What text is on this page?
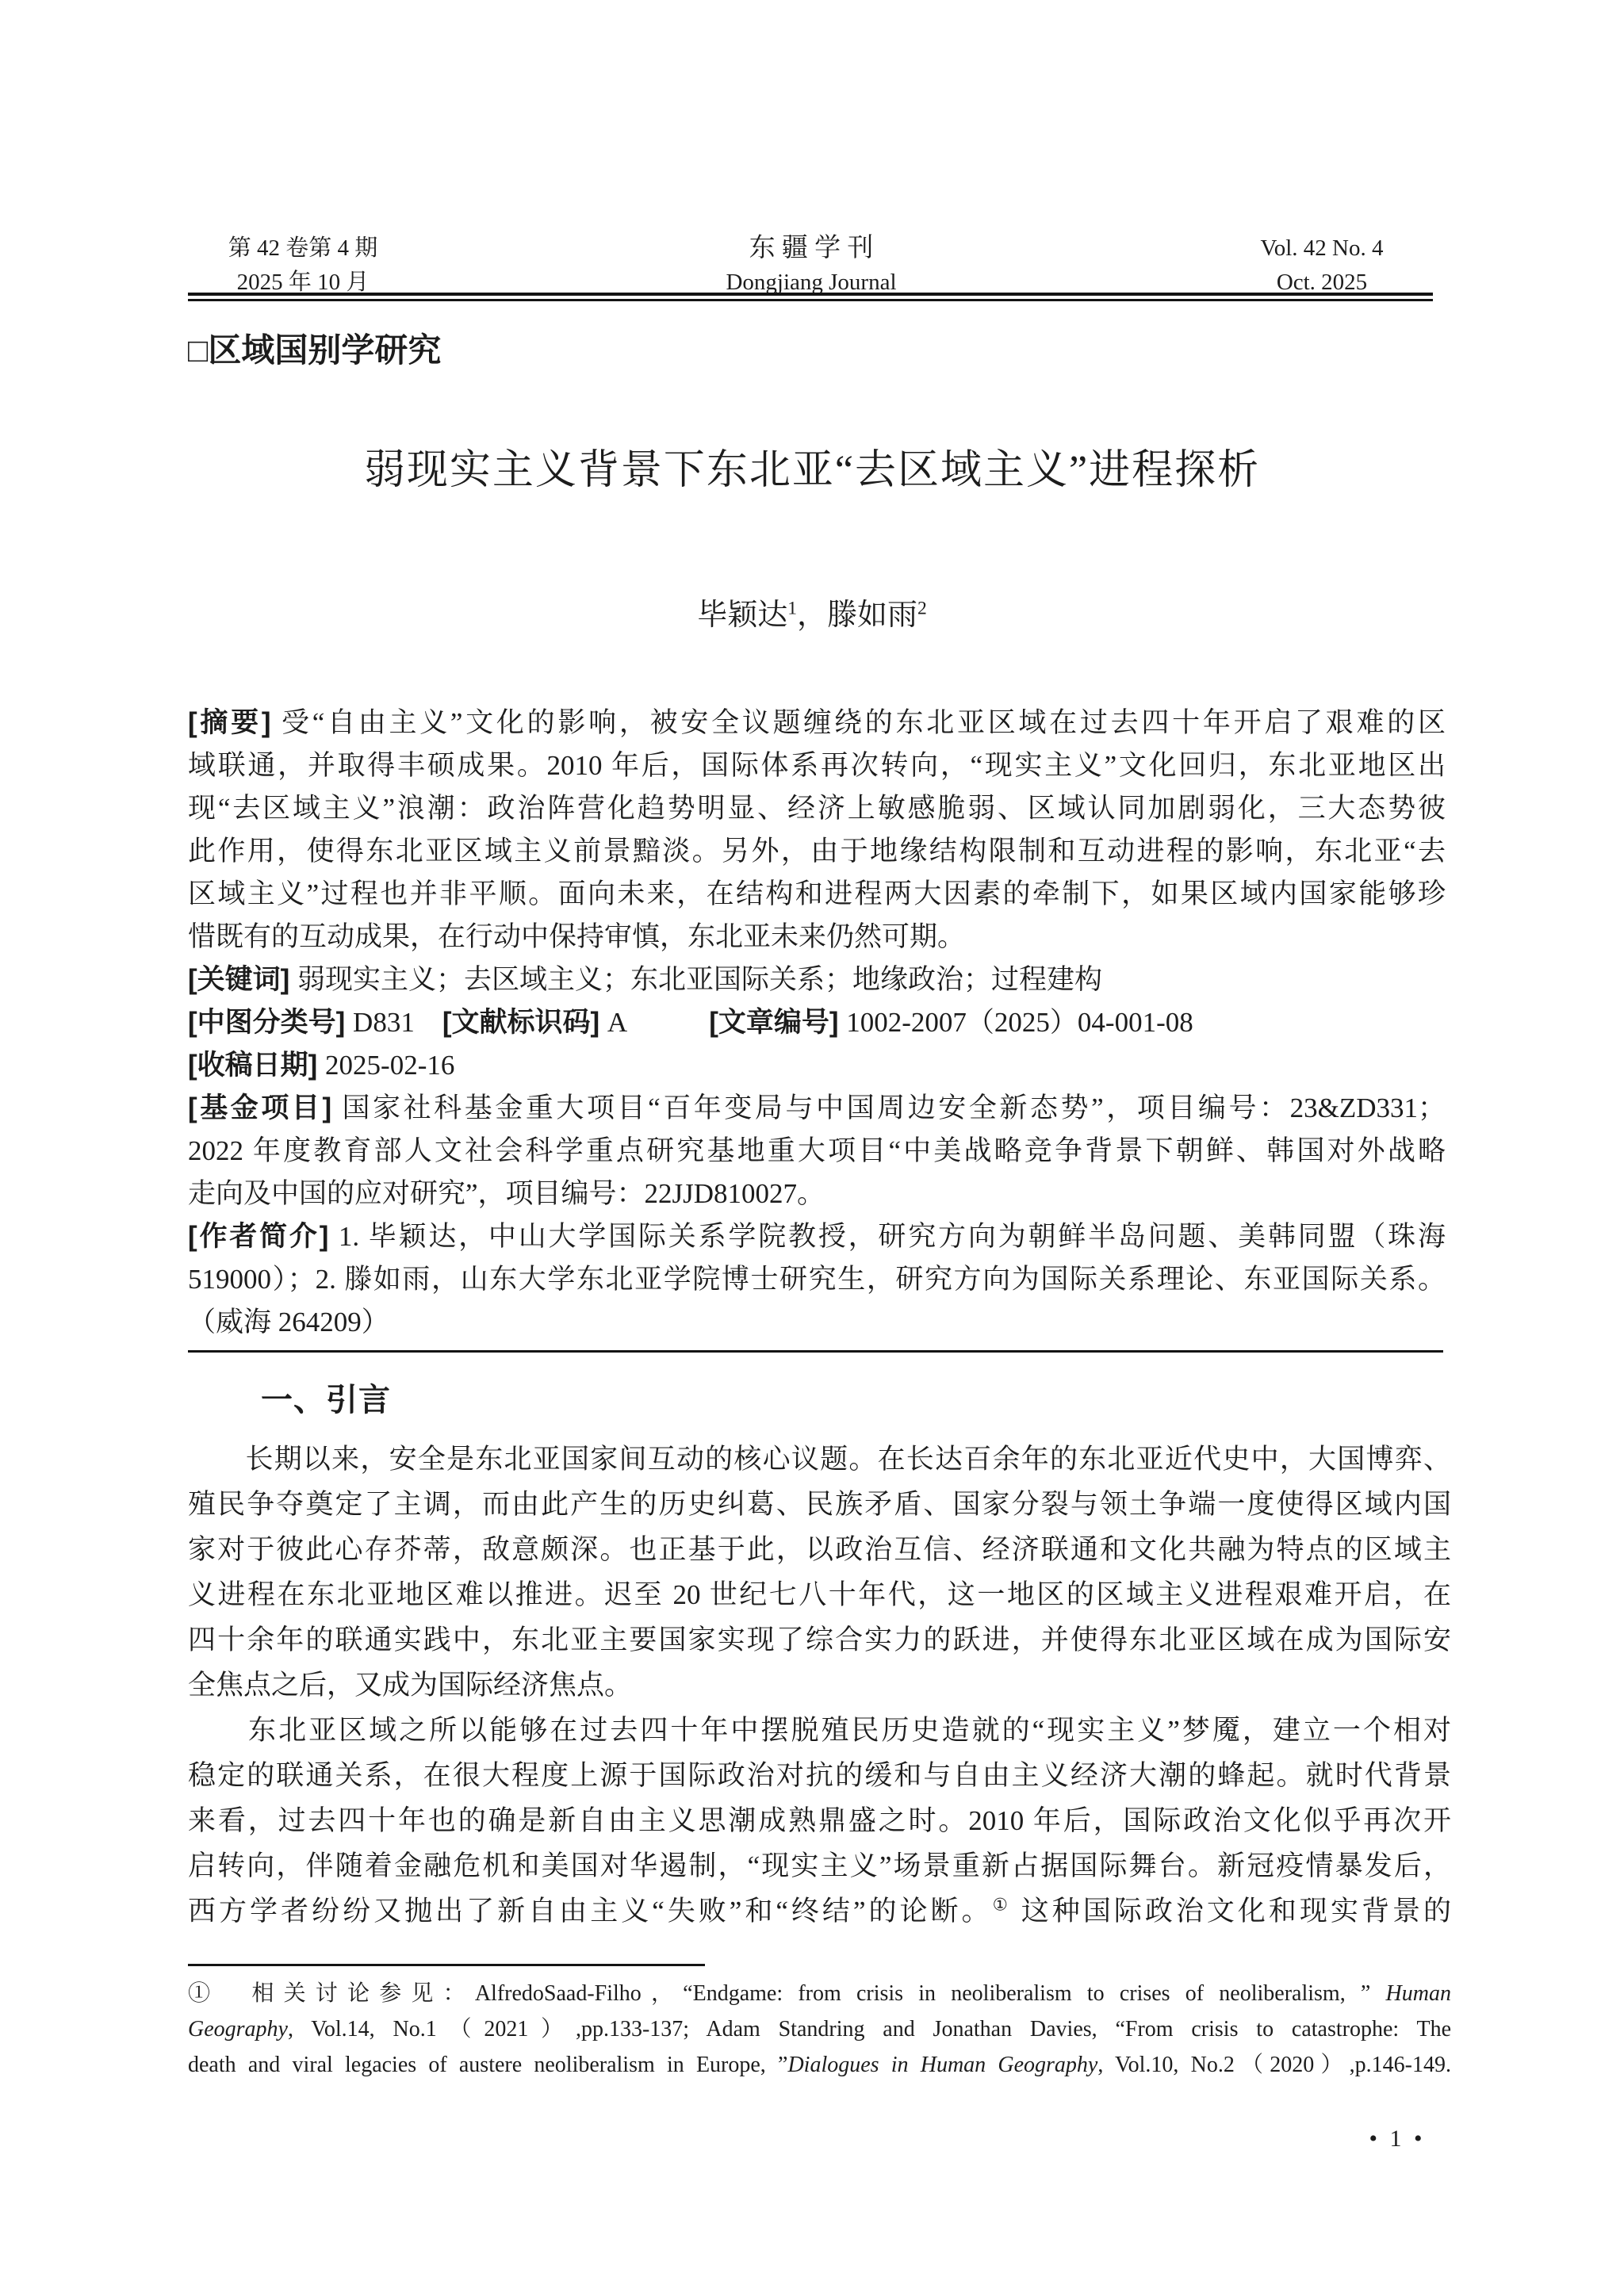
第 42 卷第 4 期
2025 年 10 月
东 疆 学 刊
Dongjiang Journal
Vol. 42 No. 4
Oct. 2025
□区域国别学研究
弱现实主义背景下东北亚“去区域主义”进程探析
毕颖达$^1$，滕如雨$^2$
[摘要] 受“自由主义”文化的影响，被安全议题缠绕的东北亚区域在过去四十年开启了艰难的区
域联通，并取得丰硕成果。2010 年后，国际体系再次转向，“现实主义”文化回归，东北亚地区出
现“去区域主义”浪潮：政治阵营化趋势明显、经济上敏感脆弱、区域认同加剧弱化，三大态势彼
此作用，使得东北亚区域主义前景黯淡。另外，由于地缘结构限制和互动进程的影响，东北亚“去
区域主义”过程也并非平顺。面向未来，在结构和进程两大因素的牵制下，如果区域内国家能够珍
惜既有的互动成果，在行动中保持审慎，东北亚未来仍然可期。
[关键词] 弱现实主义；去区域主义；东北亚国际关系；地缘政治；过程建构
[中图分类号] D831　[文献标识码] A　　　[文章编号] 1002-2007（2025）04-001-08
[收稿日期] 2025-02-16
[基金项目] 国家社科基金重大项目“百年变局与中国周边安全新态势”，项目编号：23&ZD331；
2022 年度教育部人文社会科学重点研究基地重大项目“中美战略竞争背景下朝鲜、韩国对外战略
走向及中国的应对研究”，项目编号：22JJD810027。
[作者简介] 1. 毕颖达，中山大学国际关系学院教授，研究方向为朝鲜半岛问题、美韩同盟（珠海
519000）；2. 滕如雨，山东大学东北亚学院博士研究生，研究方向为国际关系理论、东亚国际关系。
（威海 264209）
一、引言
　　长期以来，安全是东北亚国家间互动的核心议题。在长达百余年的东北亚近代史中，大国博弈、
殖民争夺奠定了主调，而由此产生的历史纠葛、民族矛盾、国家分裂与领土争端一度使得区域内国
家对于彼此心存芥蒂，敌意颇深。也正基于此，以政治互信、经济联通和文化共融为特点的区域主
义进程在东北亚地区难以推进。迟至 20 世纪七八十年代，这一地区的区域主义进程艰难开启，在
四十余年的联通实践中，东北亚主要国家实现了综合实力的跃进，并使得东北亚区域在成为国际安
全焦点之后，又成为国际经济焦点。
　　东北亚区域之所以能够在过去四十年中摆脱殖民历史造就的“现实主义”梦魇，建立一个相对
稳定的联通关系，在很大程度上源于国际政治对抗的缓和与自由主义经济大潮的蜂起。就时代背景
来看，过去四十年也的确是新自由主义思潮成熟鼎盛之时。2010 年后，国际政治文化似乎再次开
启转向，伴随着金融危机和美国对华遏制，“现实主义”场景重新占据国际舞台。新冠疫情暴发后，
西方学者纷纷又抛出了新自由主义“失败”和“终结”的论断。① 这种国际政治文化和现实背景的
①　相关讨论参见：AlfredoSaad-Filho，“Endgame: from crisis in neoliberalism to crises of neoliberalism, ” Human
Geography, Vol.14, No.1（2021）,pp.133-137; Adam Standring and Jonathan Davies, “From crisis to catastrophe: The
death and viral legacies of austere neoliberalism in Europe, ”Dialogues in Human Geography, Vol.10, No.2（2020）,p.146-149.
• 1 •
